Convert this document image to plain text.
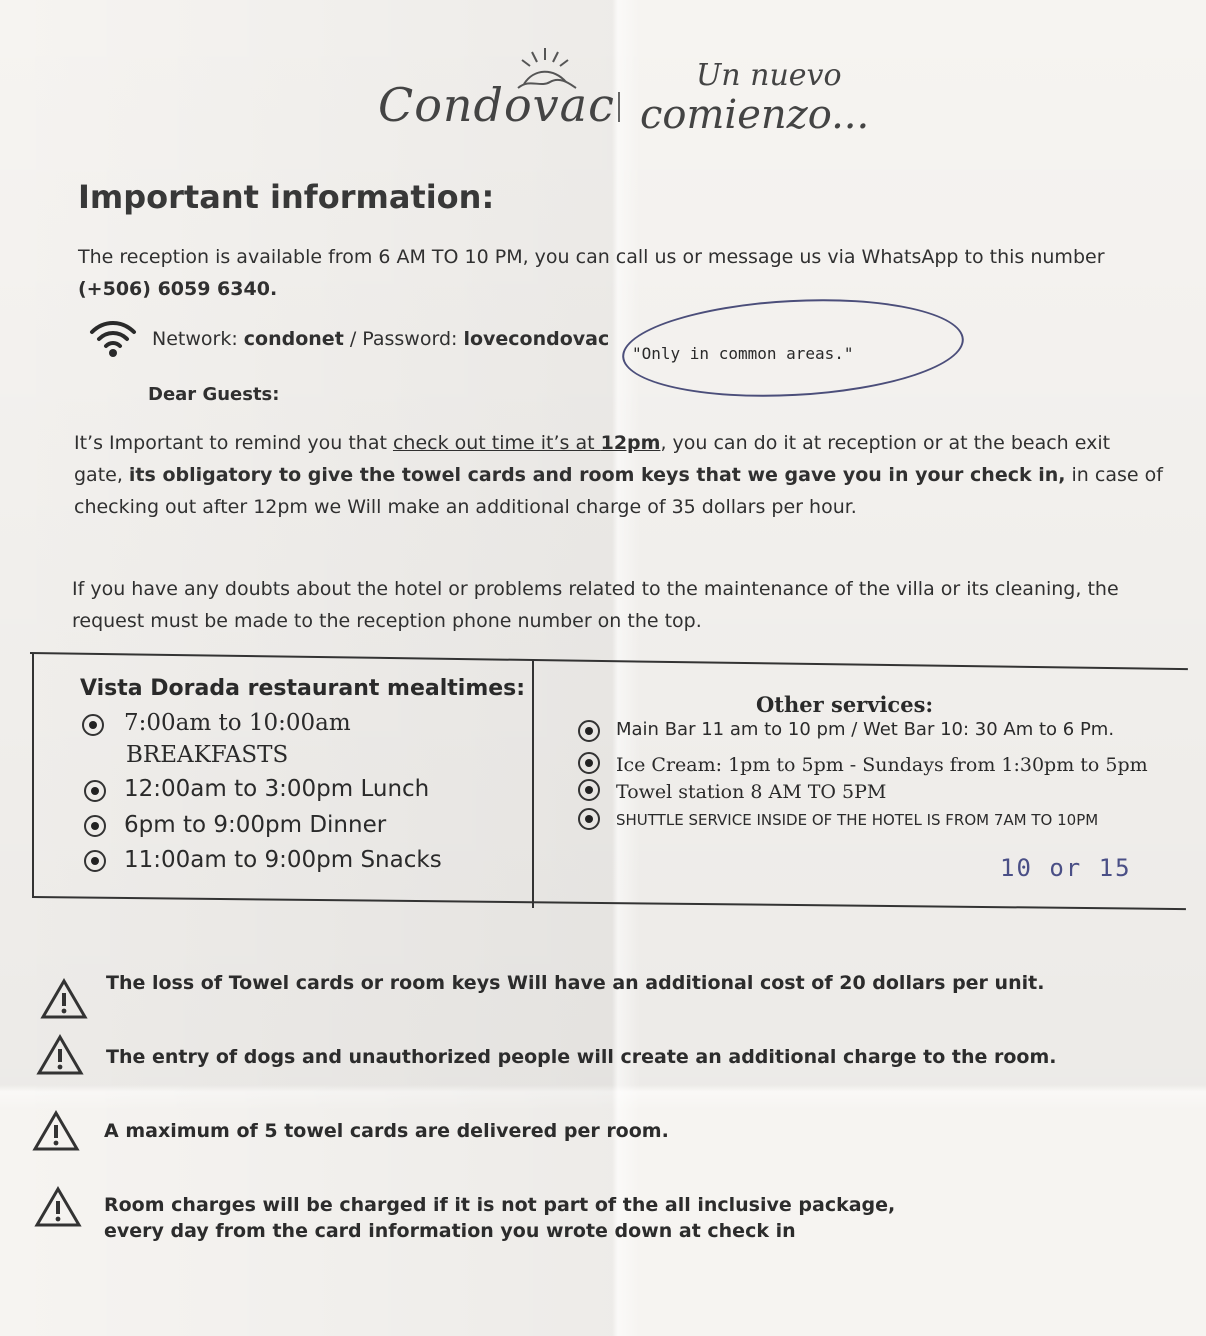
Condovac
Un nuevo
comienzo...
Important information:
The reception is available from 6 AM TO 10 PM, you can call us or message us via WhatsApp to this number
(+506) 6059 6340.
Network: condonet / Password: lovecondovac
"Only in common areas."
Dear Guests:
It’s Important to remind you that check out time it’s at 12pm, you can do it at reception or at the beach exit
gate, its obligatory to give the towel cards and room keys that we gave you in your check in, in case of
checking out after 12pm we Will make an additional charge of 35 dollars per hour.
If you have any doubts about the hotel or problems related to the maintenance of the villa or its cleaning, the
request must be made to the reception phone number on the top.
Vista Dorada restaurant mealtimes:
7:00am to 10:00am
BREAKFASTS
12:00am to 3:00pm Lunch
6pm to 9:00pm Dinner
11:00am to 9:00pm Snacks
Other services:
Main Bar 11 am to 10 pm / Wet Bar 10: 30 Am to 6 Pm.
Ice Cream: 1pm to 5pm - Sundays from 1:30pm to 5pm
Towel station 8 AM TO 5PM
SHUTTLE SERVICE INSIDE OF THE HOTEL IS FROM 7AM TO 10PM
10 or 15
The loss of Towel cards or room keys Will have an additional cost of 20 dollars per unit.
The entry of dogs and unauthorized people will create an additional charge to the room.
A maximum of 5 towel cards are delivered per room.
Room charges will be charged if it is not part of the all inclusive package,
every day from the card information you wrote down at check in
